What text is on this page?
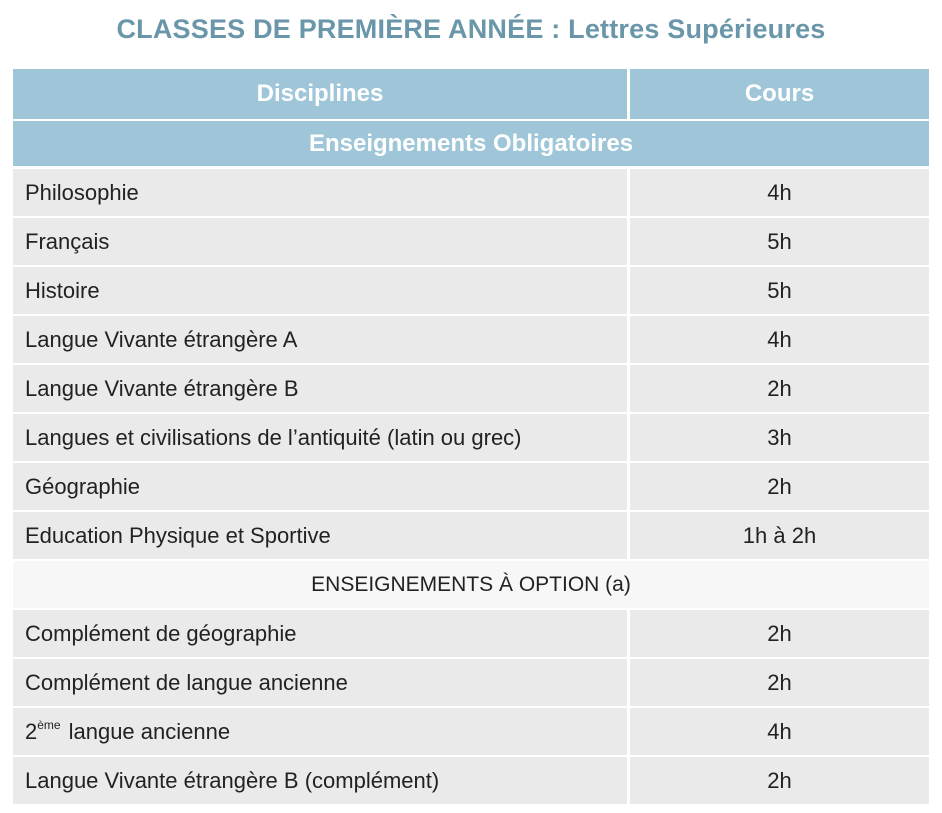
CLASSES DE PREMIÈRE ANNÉE : Lettres Supérieures
Disciplines	Cours
Enseignements Obligatoires	
Philosophie	4h
Français	5h
Histoire	5h
Langue Vivante étrangère A	4h
Langue Vivante étrangère B	2h
Langues et civilisations de l’antiquité (latin ou grec)	3h
Géographie	2h
Education Physique et Sportive	1h à 2h
ENSEIGNEMENTS À OPTION (a)	
Complément de géographie	2h
Complément de langue ancienne	2h
2ème langue ancienne	4h
Langue Vivante étrangère B (complément)	2h
